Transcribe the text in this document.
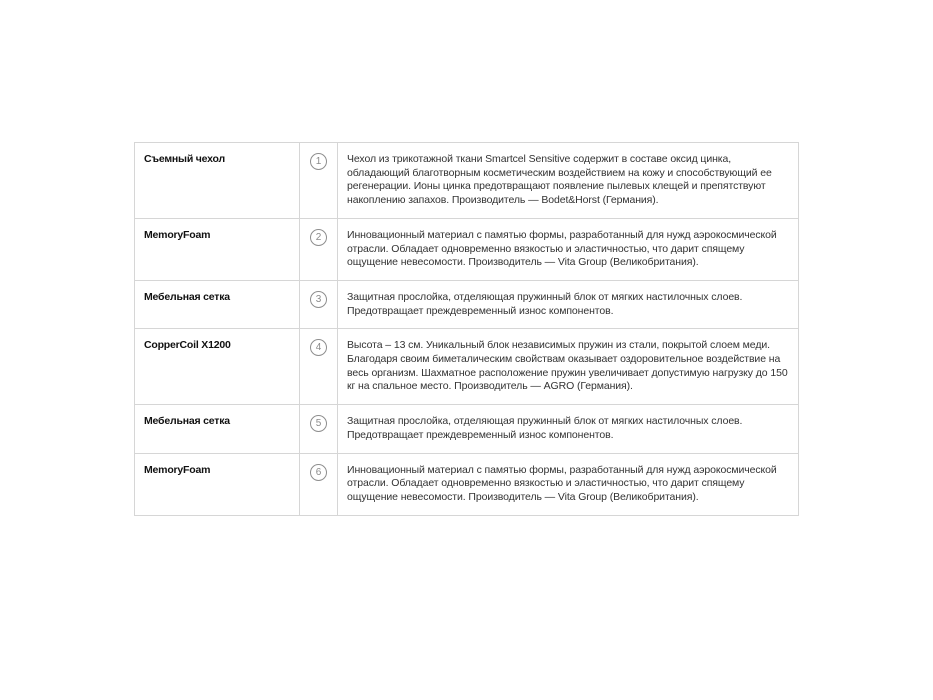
Съемный чехол	1	Чехол из трикотажной ткани Smartcel Sensitive содержит в составе оксид цинка, обладающий благотворным косметическим воздействием на кожу и способствующий ее регенерации. Ионы цинка предотвращают появление пылевых клещей и препятствуют накоплению запахов. Производитель — Bodet&Horst (Германия).
MemoryFoam	2	Инновационный материал с памятью формы, разработанный для нужд аэрокосмической отрасли. Обладает одновременно вязкостью и эластичностью, что дарит спящему ощущение невесомости. Производитель — Vita Group (Великобритания).
Мебельная сетка	3	Защитная прослойка, отделяющая пружинный блок от мягких настилочных слоев. Предотвращает преждевременный износ компонентов.
CopperCoil X1200	4	Высота – 13 см. Уникальный блок независимых пружин из стали, покрытой слоем меди. Благодаря своим биметалическим свойствам оказывает оздоровительное воздействие на весь организм. Шахматное расположение пружин увеличивает допустимую нагрузку до 150 кг на спальное место. Производитель — AGRO (Германия).
Мебельная сетка	5	Защитная прослойка, отделяющая пружинный блок от мягких настилочных слоев. Предотвращает преждевременный износ компонентов.
MemoryFoam	6	Инновационный материал с памятью формы, разработанный для нужд аэрокосмической отрасли. Обладает одновременно вязкостью и эластичностью, что дарит спящему ощущение невесомости. Производитель — Vita Group (Великобритания).
